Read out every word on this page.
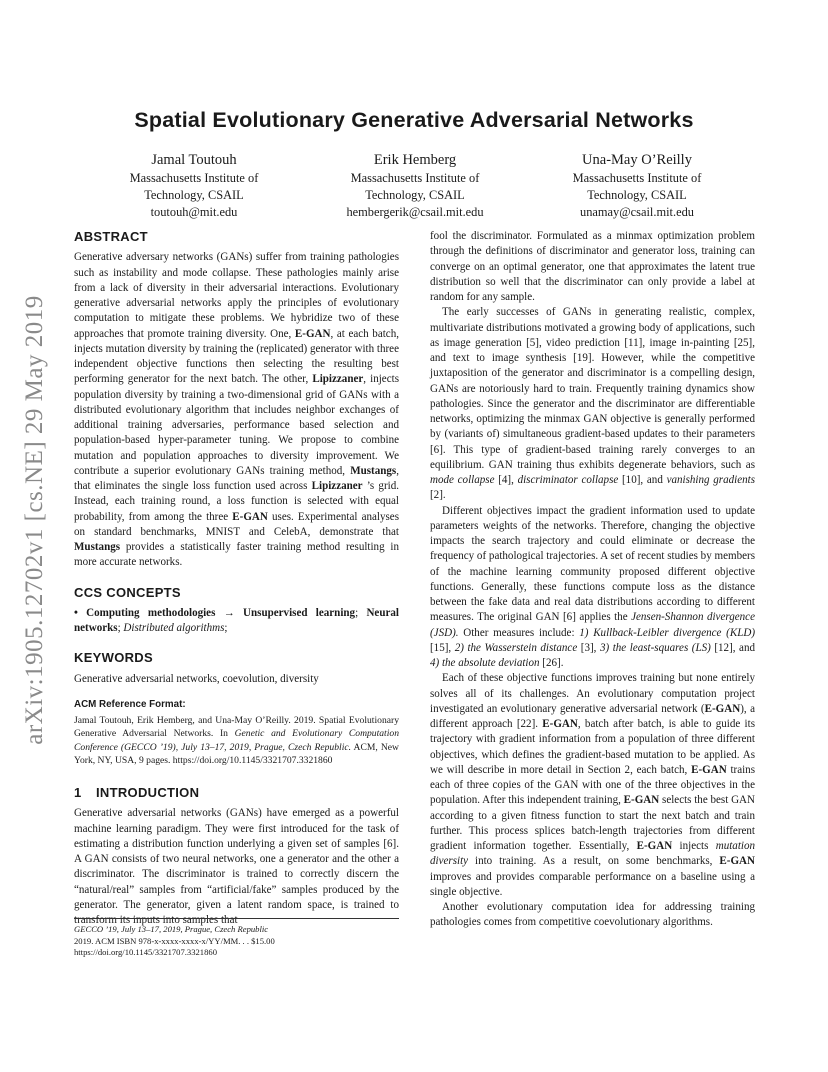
arXiv:1905.12702v1 [cs.NE] 29 May 2019
Spatial Evolutionary Generative Adversarial Networks
Jamal Toutouh
Massachusetts Institute of
Technology, CSAIL
toutouh@mit.edu
Erik Hemberg
Massachusetts Institute of
Technology, CSAIL
hembergerik@csail.mit.edu
Una-May O’Reilly
Massachusetts Institute of
Technology, CSAIL
unamay@csail.mit.edu
ABSTRACT

Generative adversary networks (GANs) suffer from training pathologies such as instability and mode collapse. These pathologies mainly arise from a lack of diversity in their adversarial interactions. Evolutionary generative adversarial networks apply the principles of evolutionary computation to mitigate these problems. We hybridize two of these approaches that promote training diversity. One, E-GAN, at each batch, injects mutation diversity by training the (replicated) generator with three independent objective functions then selecting the resulting best performing generator for the next batch. The other, Lipizzaner, injects population diversity by training a two-dimensional grid of GANs with a distributed evolutionary algorithm that includes neighbor exchanges of additional training adversaries, performance based selection and population-based hyper-parameter tuning. We propose to combine mutation and population approaches to diversity improvement. We contribute a superior evolutionary GANs training method, Mustangs, that eliminates the single loss function used across Lipizzaner ’s grid. Instead, each training round, a loss function is selected with equal probability, from among the three E-GAN uses. Experimental analyses on standard benchmarks, MNIST and CelebA, demonstrate that Mustangs provides a statistically faster training method resulting in more accurate networks.

CCS CONCEPTS

• Computing methodologies → Unsupervised learning; Neural networks; Distributed algorithms;

KEYWORDS

Generative adversarial networks, coevolution, diversity

ACM Reference Format:
Jamal Toutouh, Erik Hemberg, and Una-May O’Reilly. 2019. Spatial Evolutionary Generative Adversarial Networks. In Genetic and Evolutionary Computation Conference (GECCO ’19), July 13–17, 2019, Prague, Czech Republic. ACM, New York, NY, USA, 9 pages. https://doi.org/10.1145/3321707.3321860
1 INTRODUCTION

Generative adversarial networks (GANs) have emerged as a powerful machine learning paradigm. They were first introduced for the task of estimating a distribution function underlying a given set of samples [6]. A GAN consists of two neural networks, one a generator and the other a discriminator. The discriminator is trained to correctly discern the “natural/real” samples from “artificial/fake” samples produced by the generator. The generator, given a latent random space, is trained to transform its inputs into samples that

fool the discriminator. Formulated as a minmax optimization problem through the definitions of discriminator and generator loss, training can converge on an optimal generator, one that approximates the latent true distribution so well that the discriminator can only provide a label at random for any sample.

The early successes of GANs in generating realistic, complex, multivariate distributions motivated a growing body of applications, such as image generation [5], video prediction [11], image in-painting [25], and text to image synthesis [19]. However, while the competitive juxtaposition of the generator and discriminator is a compelling design, GANs are notoriously hard to train. Frequently training dynamics show pathologies. Since the generator and the discriminator are differentiable networks, optimizing the minmax GAN objective is generally performed by (variants of) simultaneous gradient-based updates to their parameters [6]. This type of gradient-based training rarely converges to an equilibrium. GAN training thus exhibits degenerate behaviors, such as mode collapse [4], discriminator collapse [10], and vanishing gradients [2].

Different objectives impact the gradient information used to update parameters weights of the networks. Therefore, changing the objective impacts the search trajectory and could eliminate or decrease the frequency of pathological trajectories. A set of recent studies by members of the machine learning community proposed different objective functions. Generally, these functions compute loss as the distance between the fake data and real data distributions according to different measures. The original GAN [6] applies the Jensen-Shannon divergence (JSD). Other measures include: 1) Kullback-Leibler divergence (KLD) [15], 2) the Wasserstein distance [3], 3) the least-squares (LS) [12], and 4) the absolute deviation [26].

Each of these objective functions improves training but none entirely solves all of its challenges. An evolutionary computation project investigated an evolutionary generative adversarial network (E-GAN), a different approach [22]. E-GAN, batch after batch, is able to guide its trajectory with gradient information from a population of three different objectives, which defines the gradient-based mutation to be applied. As we will describe in more detail in Section 2, each batch, E-GAN trains each of three copies of the GAN with one of the three objectives in the population. After this independent training, E-GAN selects the best GAN according to a given fitness function to start the next batch and train further. This process splices batch-length trajectories from different gradient information together. Essentially, E-GAN injects mutation diversity into training. As a result, on some benchmarks, E-GAN improves and provides comparable performance on a baseline using a single objective.

Another evolutionary computation idea for addressing training pathologies comes from competitive coevolutionary algorithms.

GECCO ’19, July 13–17, 2019, Prague, Czech Republic
2019. ACM ISBN 978-x-xxxx-xxxx-x/YY/MM. . . $15.00
https://doi.org/10.1145/3321707.3321860
